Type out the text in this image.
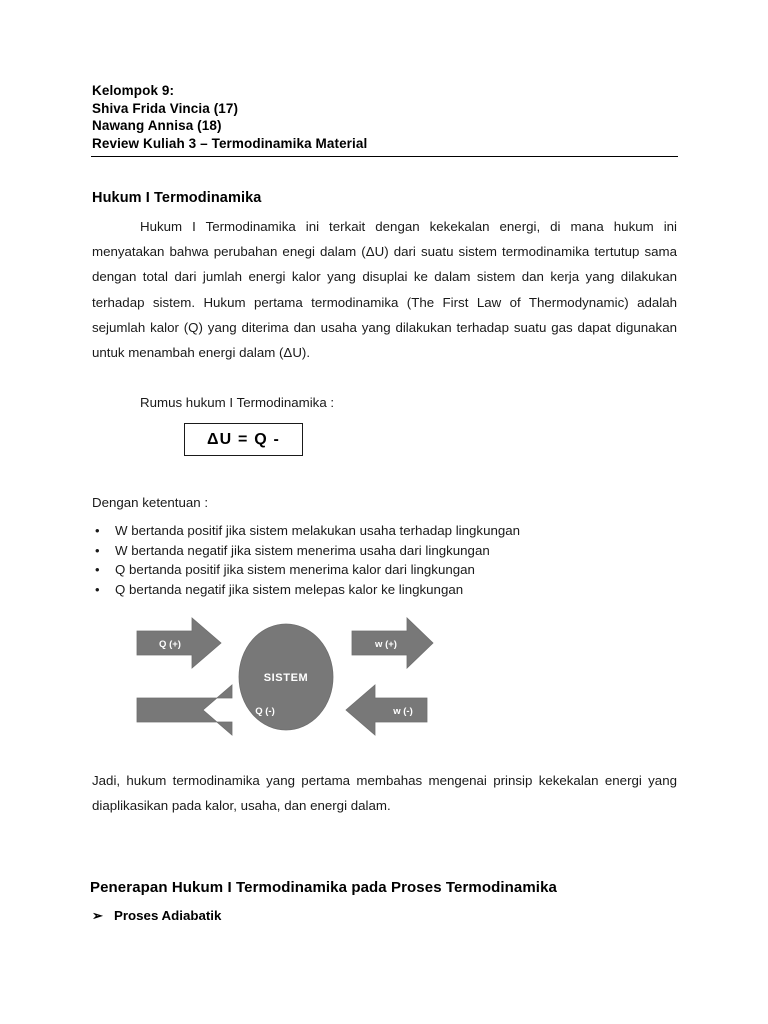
Kelompok 9:
Shiva Frida Vincia (17)
Nawang Annisa (18)
Review Kuliah 3 – Termodinamika Material
Hukum I Termodinamika
Hukum I Termodinamika ini terkait dengan kekekalan energi, di mana hukum ini menyatakan bahwa perubahan enegi dalam (ΔU) dari suatu sistem termodinamika tertutup sama dengan total dari jumlah energi kalor yang disuplai ke dalam sistem dan kerja yang dilakukan terhadap sistem. Hukum pertama termodinamika (The First Law of Thermodynamic) adalah sejumlah kalor (Q) yang diterima dan usaha yang dilakukan terhadap suatu gas dapat digunakan untuk menambah energi dalam (ΔU).
Rumus hukum I Termodinamika :
ΔU = Q -
Dengan ketentuan :
• W bertanda positif jika sistem melakukan usaha terhadap lingkungan
• W bertanda negatif jika sistem menerima usaha dari lingkungan
• Q bertanda positif jika sistem menerima kalor dari lingkungan
• Q bertanda negatif jika sistem melepas kalor ke lingkungan
Q (+)
Q (-)
w (+)
w (-)
SISTEM
Jadi, hukum termodinamika yang pertama membahas mengenai prinsip kekekalan energi yang diaplikasikan pada kalor, usaha, dan energi dalam.
Penerapan Hukum I Termodinamika pada Proses Termodinamika
➢ Proses Adiabatik
